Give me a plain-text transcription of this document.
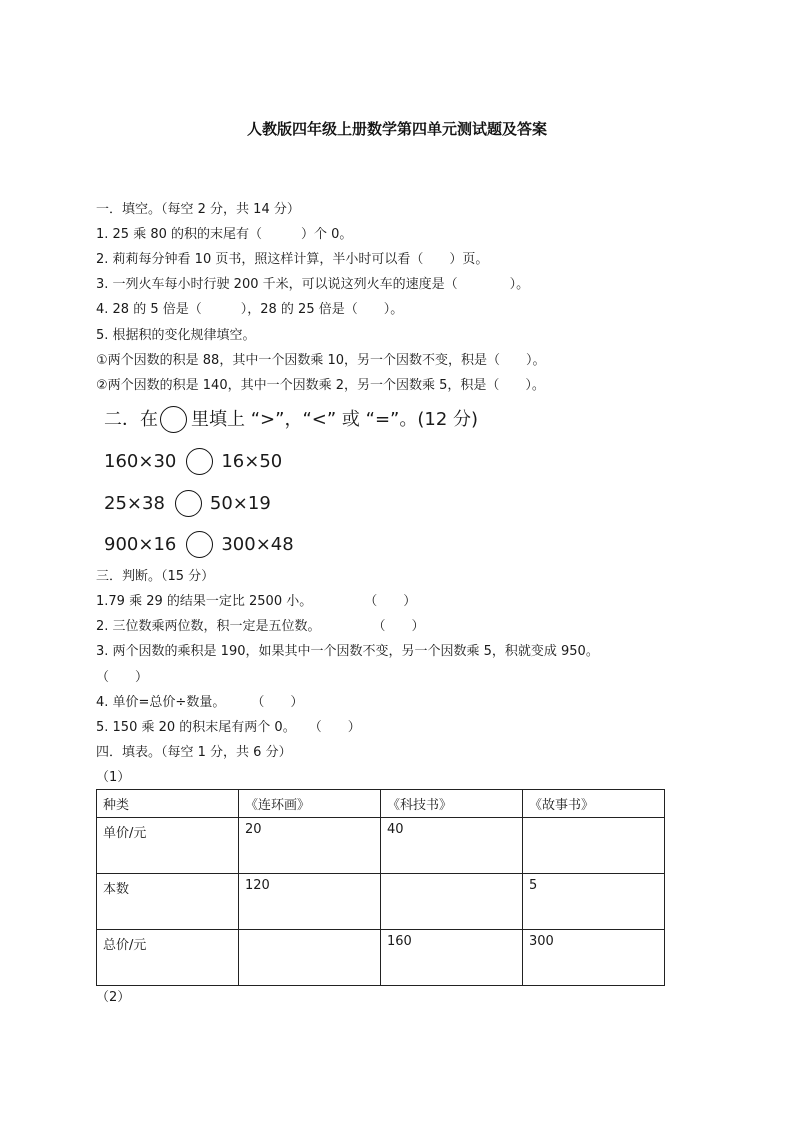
人教版四年级上册数学第四单元测试题及答案
一．填空。（每空 2 分，共 14 分）
1. 25 乘 80 的积的末尾有（　　　）个 0。
2. 莉莉每分钟看 10 页书，照这样计算，半小时可以看（　　）页。
3. 一列火车每小时行驶 200 千米，可以说这列火车的速度是（　　　　）。
4. 28 的 5 倍是（　　　），28 的 25 倍是（　　）。
5. 根据积的变化规律填空。
①两个因数的积是 88，其中一个因数乘 10，另一个因数不变，积是（　　）。
②两个因数的积是 140，其中一个因数乘 2，另一个因数乘 5，积是（　　）。
二．在 里填上 “>”，“<” 或 “=”。(12 分)
160×30	16×50
25×38	50×19
900×16	300×48
三．判断。（15 分）
1.79 乘 29 的结果一定比 2500 小。　　　　　（　　）
2. 三位数乘两位数，积一定是五位数。　　　　　（　　）
3. 两个因数的乘积是 190，如果其中一个因数不变，另一个因数乘 5，积就变成 950。
（　　）
4. 单价=总价÷数量。　　　（　　）
5. 150 乘 20 的积末尾有两个 0。　　（　　）
四．填表。（每空 1 分，共 6 分）
（1）
种类	《连环画》	《科技书》	《故事书》
单价/元	20	40	
本数	120		5
总价/元		160	300
（2）
